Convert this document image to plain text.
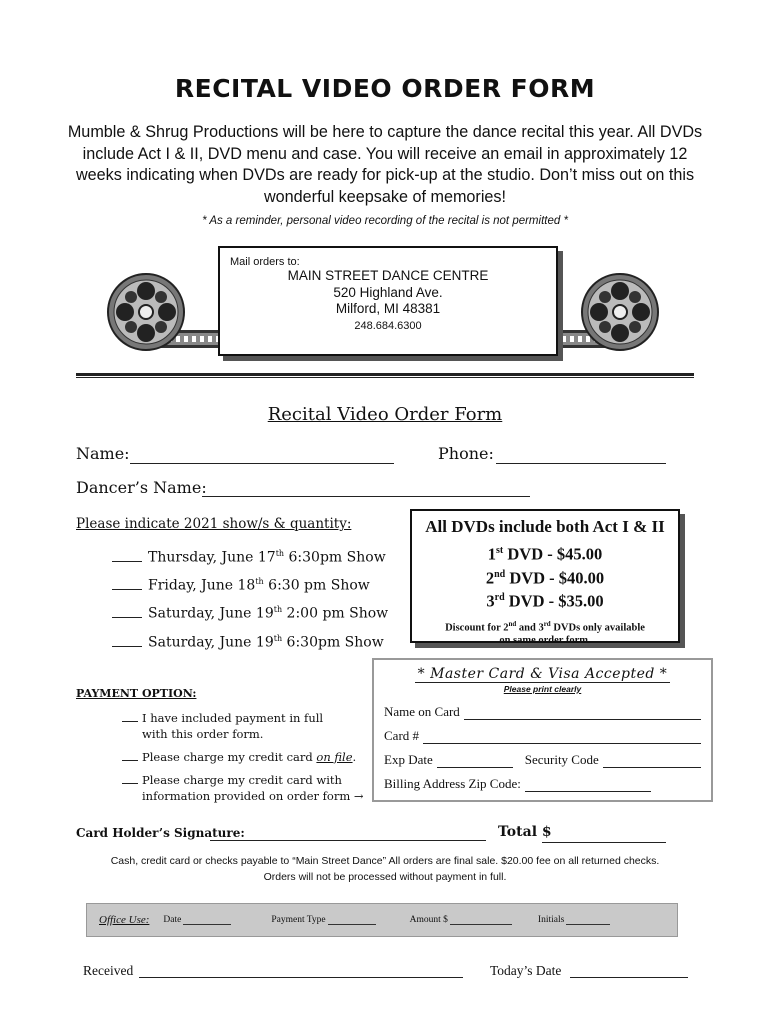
RECITAL VIDEO ORDER FORM
Mumble & Shrug Productions will be here to capture the dance recital this year. All DVDs include Act I & II, DVD menu and case. You will receive an email in approximately 12 weeks indicating when DVDs are ready for pick-up at the studio. Don’t miss out on this wonderful keepsake of memories!
* As a reminder, personal video recording of the recital is not permitted *
Mail orders to:
MAIN STREET DANCE CENTRE
520 Highland Ave.
Milford, MI 48381
248.684.6300
Recital Video Order Form
Name:	Phone:
Dancer’s Name:
Please indicate 2021 show/s & quantity:
Thursday, June 17th 6:30pm Show
Friday, June 18th 6:30 pm Show
Saturday, June 19th 2:00 pm Show
Saturday, June 19th 6:30pm Show
All DVDs include both Act I & II
1st DVD - $45.00
2nd DVD - $40.00
3rd DVD - $35.00
Discount for 2nd and 3rd DVDs only available
on same order form.
* Master Card & Visa Accepted *
Please print clearly
Name on Card
Card #
Exp Date	Security Code
Billing Address Zip Code:
PAYMENT OPTION:
I have included payment in full
with this order form.
Please charge my credit card on file.
Please charge my credit card with
information provided on order form →
Card Holder’s Signature:	Total $
Cash, credit card or checks payable to “Main Street Dance” All orders are final sale. $20.00 fee on all returned checks.
Orders will not be processed without payment in full.
Office Use: Date	Payment Type	Amount $	Initials
Received	Today’s Date
